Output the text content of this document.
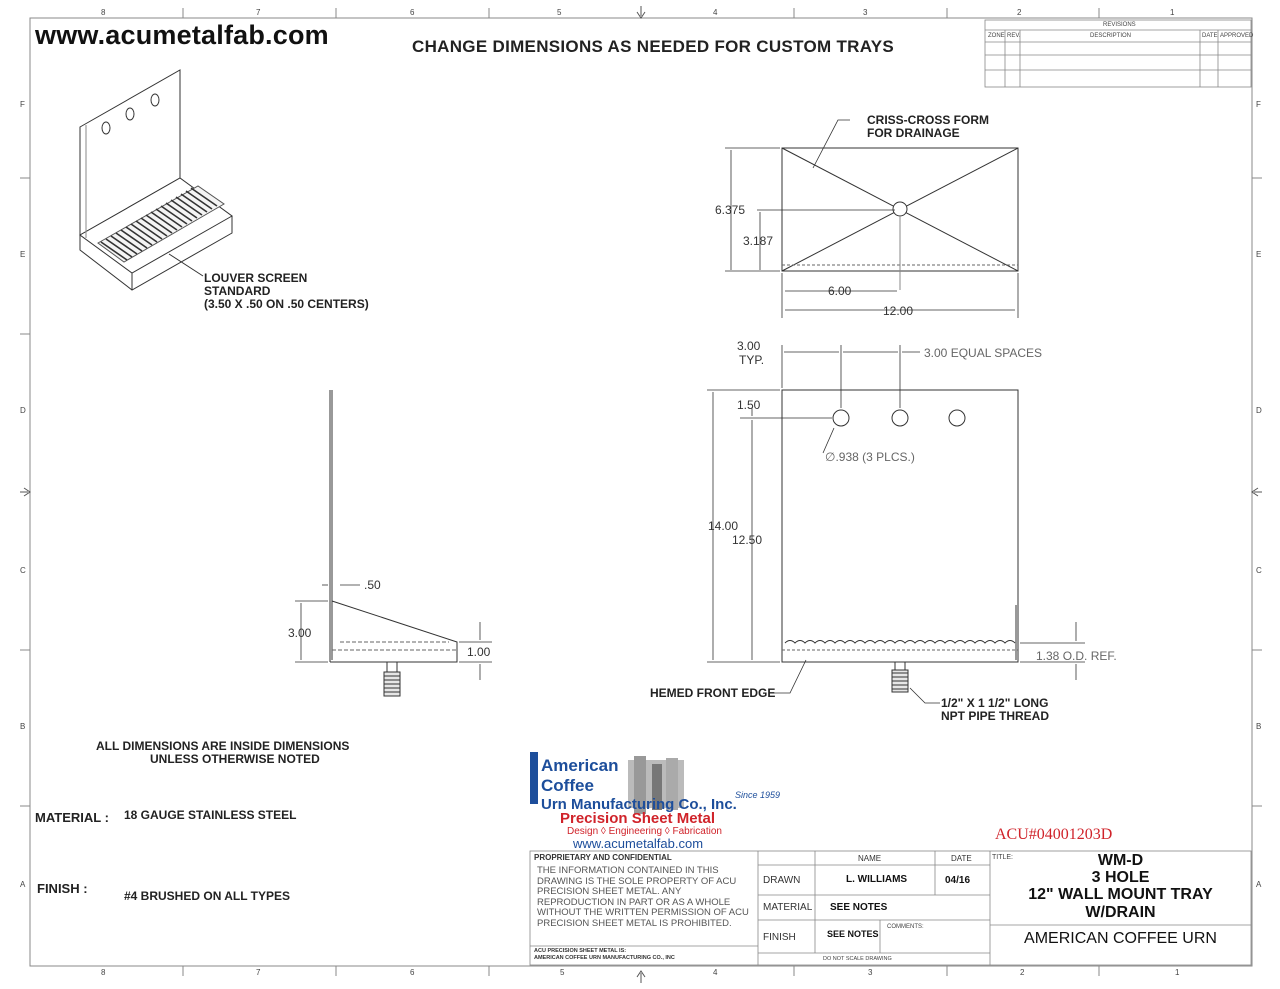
8	7	6	5	4	3	2	1
8	7	6	5	4	3	2	1
F
E
D
C
B
A
F
E
D
C
B
A
www.acumetalfab.com	CHANGE DIMENSIONS AS NEEDED FOR CUSTOM TRAYS
REVISIONS
ZONE REV.	DESCRIPTION	DATE APPROVED
LOUVER SCREEN
STANDARD
(3.50 X .50 ON .50 CENTERS)
CRISS-CROSS FORM
FOR DRAINAGE
HEMED FRONT EDGE
1/2" X 1 1/2" LONG
NPT PIPE THREAD
6.375
3.187
6.00
12.00
3.00
TYP.	3.00 EQUAL SPACES
1.50
∅.938 (3 PLCS.)
14.00
12.50
1.38 O.D. REF.
.50
3.00
1.00
ALL DIMENSIONS ARE INSIDE DIMENSIONS
UNLESS OTHERWISE NOTED
MATERIAL : 18 GAUGE STAINLESS STEEL
FINISH :	#4 BRUSHED ON ALL TYPES
American
Coffee
Urn Manufacturing Co., Inc.
Since 1959
Precision Sheet Metal
Design ◊ Engineering ◊ Fabrication
www.acumetalfab.com
ACU#04001203D
PROPRIETARY AND CONFIDENTIAL
THE INFORMATION CONTAINED IN THIS DRAWING IS THE SOLE PROPERTY OF ACU PRECISION SHEET METAL. ANY REPRODUCTION IN PART OR AS A WHOLE WITHOUT THE WRITTEN PERMISSION OF ACU PRECISION SHEET METAL IS PROHIBITED.
ACU PRECISION SHEET METAL IS:
AMERICAN COFFEE URN MANUFACTURING CO., INC
NAME	DATE
DRAWN	L. WILLIAMS	04/16
MATERIAL SEE NOTES
FINISH	SEE NOTES
COMMENTS:
DO NOT SCALE DRAWING
TITLE:	WM-D
3 HOLE
12" WALL MOUNT TRAY
W/DRAIN
AMERICAN COFFEE URN
